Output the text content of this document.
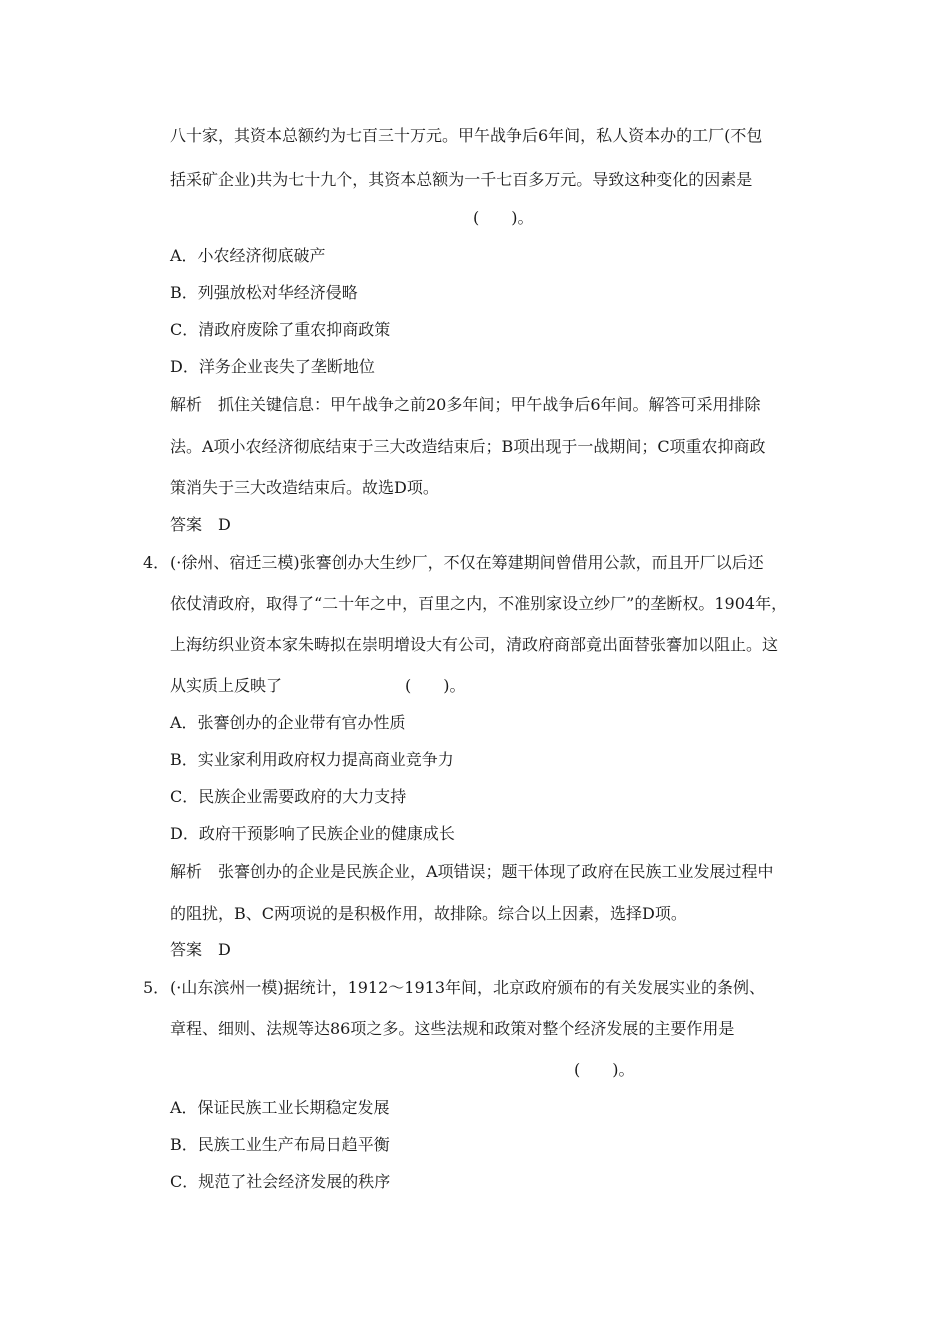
八十家，其资本总额约为七百三十万元。甲午战争后6年间，私人资本办的工厂(不包
括采矿企业)共为七十九个，其资本总额为一千七百多万元。导致这种变化的因素是
(　　)。
A．小农经济彻底破产
B．列强放松对华经济侵略
C．清政府废除了重农抑商政策
D．洋务企业丧失了垄断地位
解析　抓住关键信息：甲午战争之前20多年间；甲午战争后6年间。解答可采用排除
法。A项小农经济彻底结束于三大改造结束后；B项出现于一战期间；C项重农抑商政
策消失于三大改造结束后。故选D项。
答案　D
4． (·徐州、宿迁三模)张謇创办大生纱厂，不仅在筹建期间曾借用公款，而且开厂以后还
依仗清政府，取得了“二十年之中，百里之内，不准别家设立纱厂”的垄断权。1904年，
上海纺织业资本家朱畴拟在崇明增设大有公司，清政府商部竟出面替张謇加以阻止。这
从实质上反映了	(　　)。
A．张謇创办的企业带有官办性质
B．实业家利用政府权力提高商业竞争力
C．民族企业需要政府的大力支持
D．政府干预影响了民族企业的健康成长
解析　张謇创办的企业是民族企业，A项错误；题干体现了政府在民族工业发展过程中
的阻扰，B、C两项说的是积极作用，故排除。综合以上因素，选择D项。
答案　D
5． (·山东滨州一模)据统计，1912～1913年间，北京政府颁布的有关发展实业的条例、
章程、细则、法规等达86项之多。这些法规和政策对整个经济发展的主要作用是
(　　)。
A．保证民族工业长期稳定发展
B．民族工业生产布局日趋平衡
C．规范了社会经济发展的秩序
